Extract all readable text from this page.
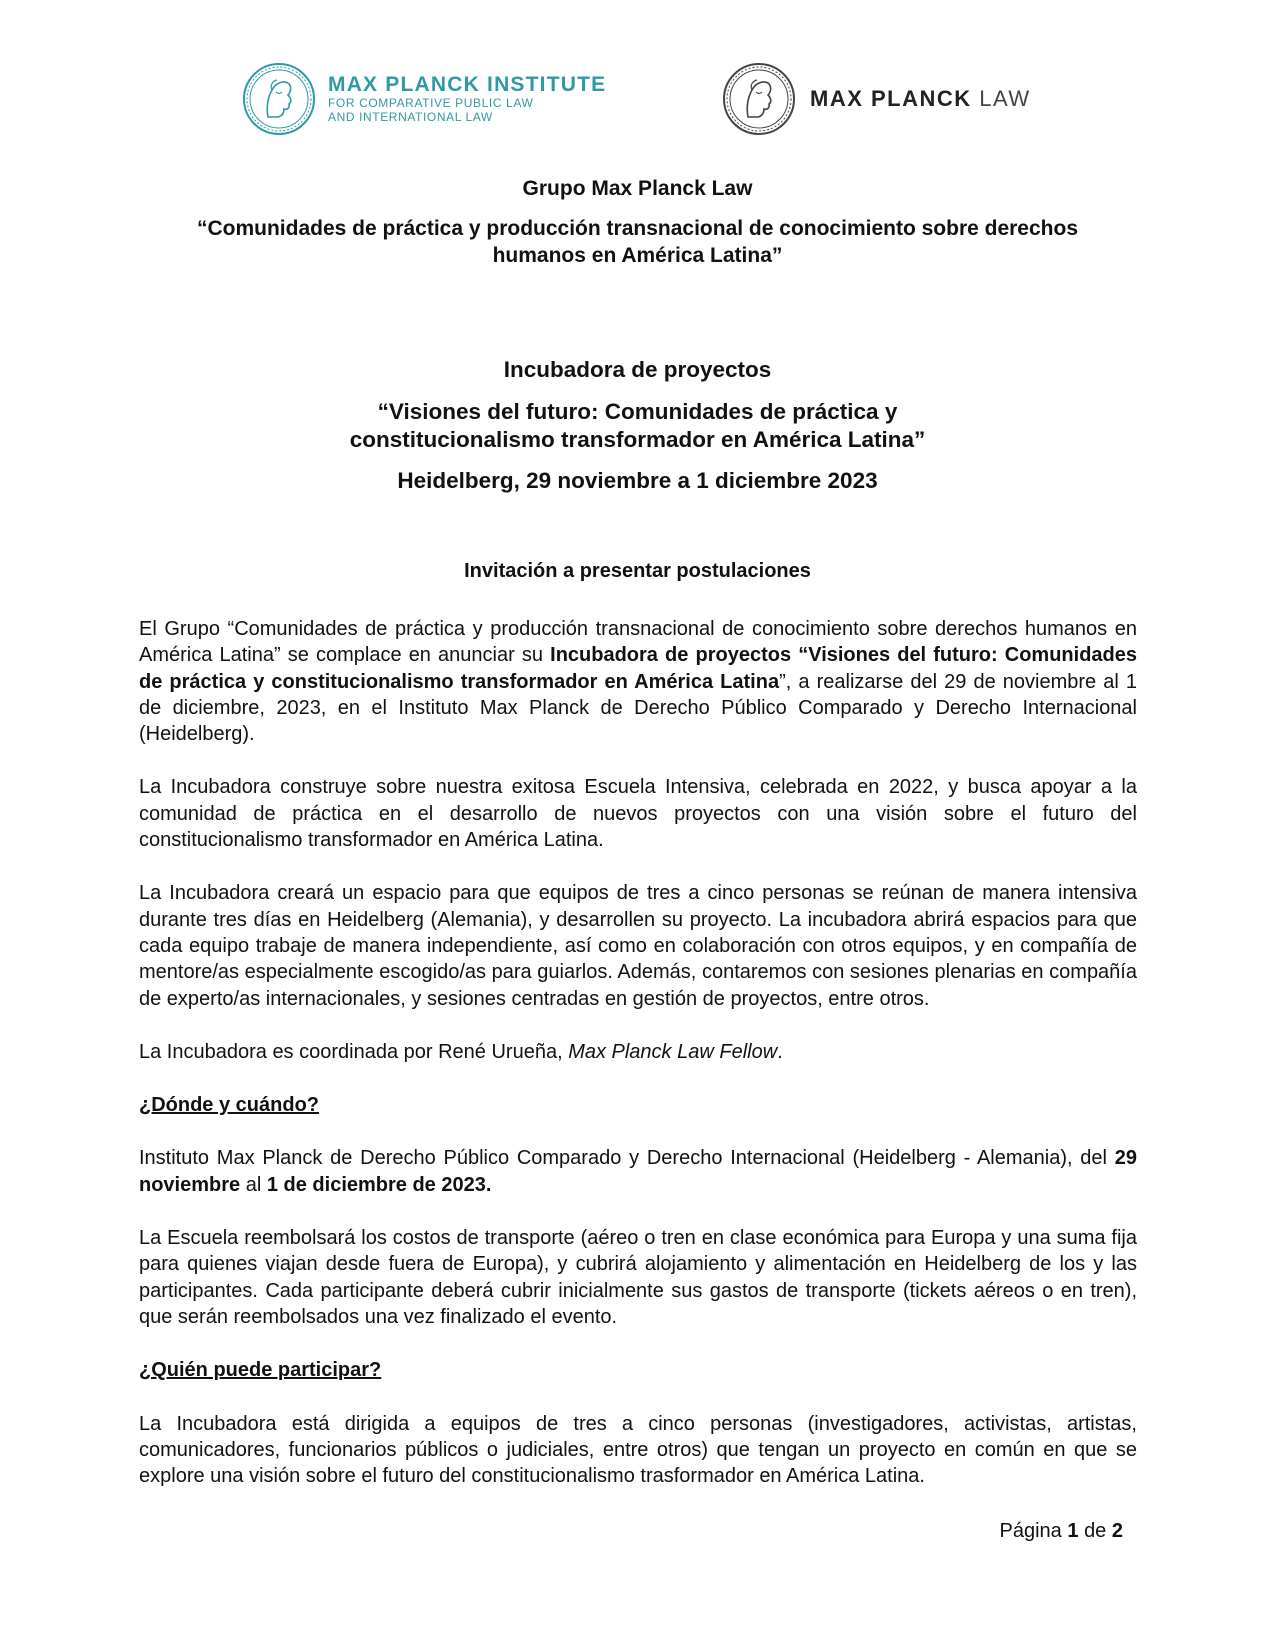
MAX PLANCK INSTITUTE
FOR COMPARATIVE PUBLIC LAW
AND INTERNATIONAL LAW
MAX PLANCK LAW
Grupo Max Planck Law
“Comunidades de práctica y producción transnacional de conocimiento sobre derechos humanos en América Latina”
Incubadora de proyectos
“Visiones del futuro: Comunidades de práctica y constitucionalismo transformador en América Latina”
Heidelberg, 29 noviembre a 1 diciembre 2023
Invitación a presentar postulaciones

El Grupo “Comunidades de práctica y producción transnacional de conocimiento sobre derechos humanos en América Latina” se complace en anunciar su Incubadora de proyectos “Visiones del futuro: Comunidades de práctica y constitucionalismo transformador en América Latina”, a realizarse del 29 de noviembre al 1 de diciembre, 2023, en el Instituto Max Planck de Derecho Público Comparado y Derecho Internacional (Heidelberg).

La Incubadora construye sobre nuestra exitosa Escuela Intensiva, celebrada en 2022, y busca apoyar a la comunidad de práctica en el desarrollo de nuevos proyectos con una visión sobre el futuro del constitucionalismo transformador en América Latina.

La Incubadora creará un espacio para que equipos de tres a cinco personas se reúnan de manera intensiva durante tres días en Heidelberg (Alemania), y desarrollen su proyecto. La incubadora abrirá espacios para que cada equipo trabaje de manera independiente, así como en colaboración con otros equipos, y en compañía de mentore/as especialmente escogido/as para guiarlos. Además, contaremos con sesiones plenarias en compañía de experto/as internacionales, y sesiones centradas en gestión de proyectos, entre otros.

La Incubadora es coordinada por René Urueña, Max Planck Law Fellow.

¿Dónde y cuándo?

Instituto Max Planck de Derecho Público Comparado y Derecho Internacional (Heidelberg - Alemania), del 29 noviembre al 1 de diciembre de 2023.

La Escuela reembolsará los costos de transporte (aéreo o tren en clase económica para Europa y una suma fija para quienes viajan desde fuera de Europa), y cubrirá alojamiento y alimentación en Heidelberg de los y las participantes. Cada participante deberá cubrir inicialmente sus gastos de transporte (tickets aéreos o en tren), que serán reembolsados una vez finalizado el evento.

¿Quién puede participar?

La Incubadora está dirigida a equipos de tres a cinco personas (investigadores, activistas, artistas, comunicadores, funcionarios públicos o judiciales, entre otros) que tengan un proyecto en común en que se explore una visión sobre el futuro del constitucionalismo trasformador en América Latina.

Página 1 de 2
